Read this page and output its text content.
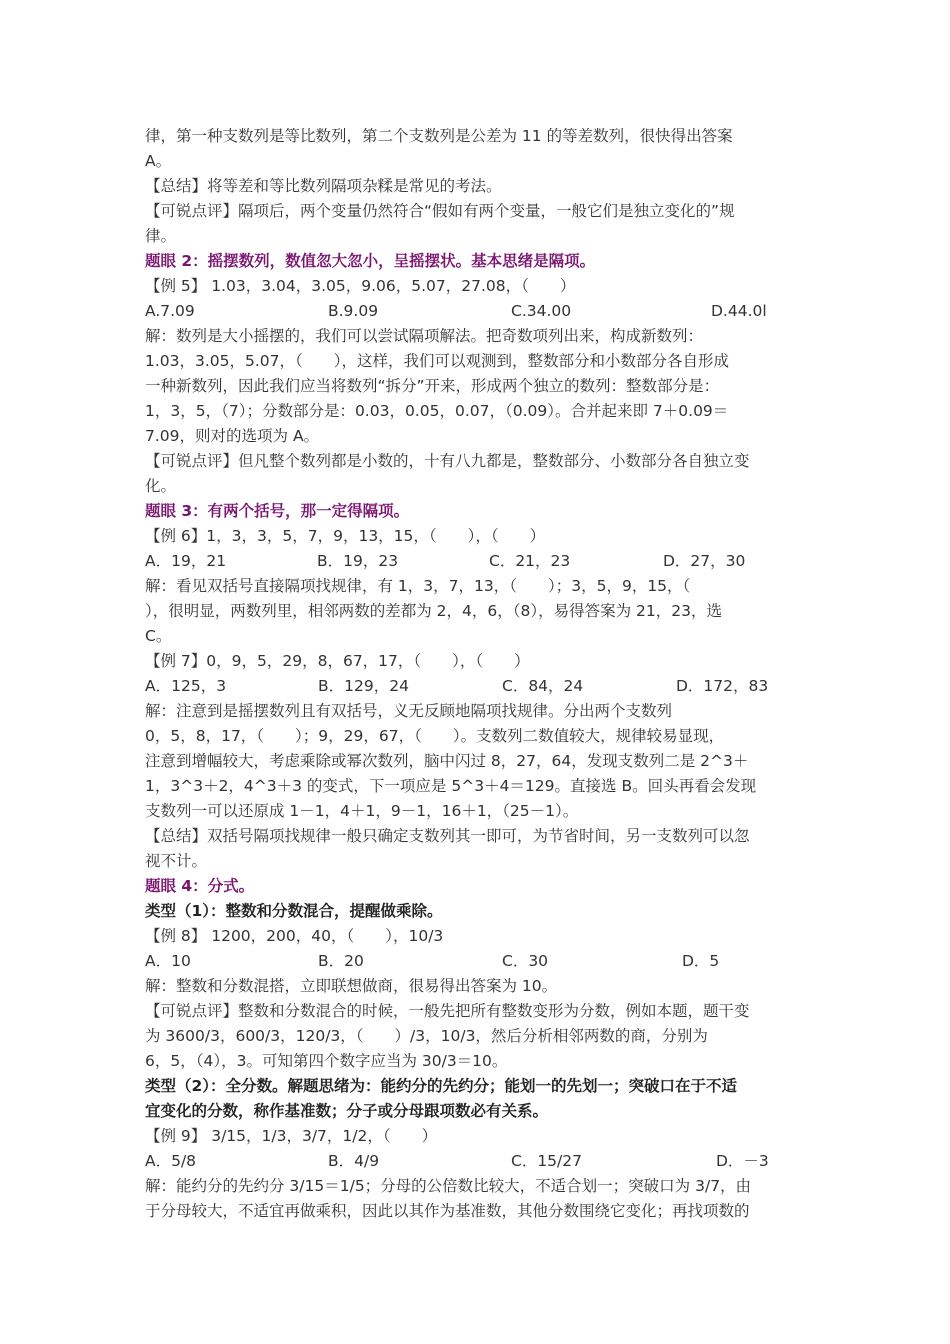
律，第一种支数列是等比数列，第二个支数列是公差为 11 的等差数列，很快得出答案
A。
【总结】将等差和等比数列隔项杂糅是常见的考法。
【可锐点评】隔项后，两个变量仍然符合“假如有两个变量，一般它们是独立变化的”规
律。
题眼 2：摇摆数列，数值忽大忽小，呈摇摆状。基本思绪是隔项。
【例 5】 1.03，3.04，3.05，9.06，5.07，27.08，（　　）
A.7.09	B.9.09	C.34.00	D.44.0l
解：数列是大小摇摆的，我们可以尝试隔项解法。把奇数项列出来，构成新数列：
1.03，3.05，5.07，（　　），这样，我们可以观测到，整数部分和小数部分各自形成
一种新数列，因此我们应当将数列“拆分”开来，形成两个独立的数列：整数部分是：
1，3，5，（7）；分数部分是：0.03，0.05，0.07，（0.09）。合并起来即 7＋0.09＝
7.09，则对的选项为 A。
【可锐点评】但凡整个数列都是小数的，十有八九都是，整数部分、小数部分各自独立变
化。
题眼 3：有两个括号，那一定得隔项。
【例 6】1，3，3，5，7，9，13，15，（　　），（　　）
A．19，21	B．19，23	C．21，23	D．27，30
解：看见双括号直接隔项找规律，有 1，3，7，13，（　　）；3，5，9，15，（
），很明显，两数列里，相邻两数的差都为 2，4，6，（8），易得答案为 21，23，选
C。
【例 7】0，9，5，29，8，67，17，（　　），（　　）
A．125，3	B．129，24	C．84，24	D．172，83
解：注意到是摇摆数列且有双括号，义无反顾地隔项找规律。分出两个支数列
0，5，8，17，（　　）；9，29，67，（　　）。支数列二数值较大，规律较易显现，
注意到增幅较大，考虑乘除或幂次数列，脑中闪过 8，27，64，发现支数列二是 2^3＋
1，3^3＋2，4^3＋3 的变式，下一项应是 5^3＋4＝129。直接选 B。回头再看会发现
支数列一可以还原成 1－1，4＋1，9－1，16＋1，（25－1）。
【总结】双括号隔项找规律一般只确定支数列其一即可，为节省时间，另一支数列可以忽
视不计。
题眼 4：分式。
类型（1）：整数和分数混合，提醒做乘除。
【例 8】 1200，200，40，（　　），10/3
A．10	B．20	C．30	D．5
解：整数和分数混搭，立即联想做商，很易得出答案为 10。
【可锐点评】整数和分数混合的时候，一般先把所有整数变形为分数，例如本题，题干变
为 3600/3，600/3，120/3，（　　）/3，10/3，然后分析相邻两数的商，分别为
6，5，（4），3。可知第四个数字应当为 30/3＝10。
类型（2）：全分数。解题思绪为：能约分的先约分；能划一的先划一；突破口在于不适
宜变化的分数，称作基准数；分子或分母跟项数必有关系。
【例 9】 3/15，1/3，3/7，1/2，（　　）
A．5/8	B．4/9	C．15/27	D．－3
解：能约分的先约分 3/15＝1/5；分母的公倍数比较大，不适合划一；突破口为 3/7，由
于分母较大，不适宜再做乘积，因此以其作为基准数，其他分数围绕它变化；再找项数的
